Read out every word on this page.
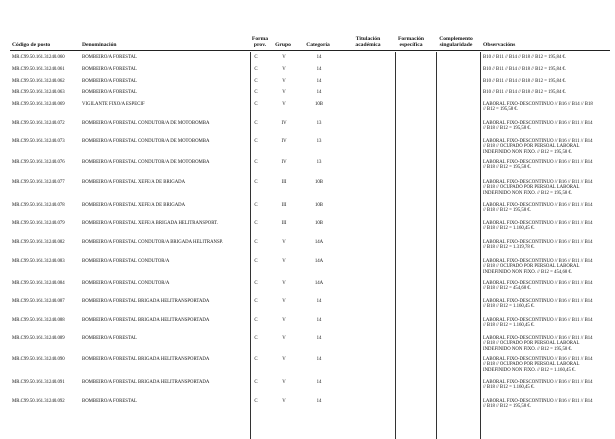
Código de posto	Denominación
Forma
prov.	Grupo	Categoría
Titulación
académica
Formación
específica
Complemento
singularidade	Observacións
MR.C99.50.161.31240.060	BOMBEIRO/A FORESTAL	C	V	14	B10 // B11 // B14 // B18 // B12 = 195,84 €.
MR.C99.50.161.31240.061	BOMBEIRO/A FORESTAL	C	V	14	B10 // B11 // B14 // B18 // B12 = 195,84 €.
MR.C99.50.161.31240.062	BOMBEIRO/A FORESTAL	C	V	14	B10 // B11 // B14 // B18 // B12 = 195,84 €.
MR.C99.50.161.31240.063	BOMBEIRO/A FORESTAL	C	V	14	B10 // B11 // B14 // B18 // B12 = 195,84 €.
MR.C99.50.161.31240.069	VIGILANTE FIXO/A ESPECIF	C	V	10B	LABORAL FIXO-DESCONTINUO // B16 // B14 // B18
// B12 = 195,58 €.
MR.C99.50.161.31240.072	BOMBEIRO/A FORESTAL CONDUTOR/A DE MOTOBOMBA	C	IV	13	LABORAL FIXO-DESCONTINUO // B16 // B11 // B14
// B18 // B12 = 195,58 €.
MR.C99.50.161.31240.073	BOMBEIRO/A FORESTAL CONDUTOR/A DE MOTOBOMBA	C	IV	13	LABORAL FIXO-DESCONTINUO // B16 // B11 // B14
// B18 // OCUPADO POR PERSOAL LABORAL
INDEFINIDO NON FIXO. // B12 = 195,58 €.
MR.C99.50.161.31240.076	BOMBEIRO/A FORESTAL CONDUTOR/A DE MOTOBOMBA	C	IV	13	LABORAL FIXO-DESCONTINUO // B16 // B11 // B14
// B18 // B12 = 195,58 €.
MR.C99.50.161.31240.077	BOMBEIRO/A FORESTAL XEFE/A DE BRIGADA	C	III	10B	LABORAL FIXO-DESCONTINUO // B16 // B11 // B14
// B18 // OCUPADO POR PERSOAL LABORAL
INDEFINIDO NON FIXO. // B12 = 195,58 €.
MR.C99.50.161.31240.078	BOMBEIRO/A FORESTAL XEFE/A DE BRIGADA	C	III	10B	LABORAL FIXO-DESCONTINUO // B16 // B11 // B14
// B18 // B12 = 195,58 €.
MR.C99.50.161.31240.079	BOMBEIRO/A FORESTAL XEFE/A BRIGADA HELITRANSPORT.	C	III	10B	LABORAL FIXO-DESCONTINUO // B16 // B11 // B14
// B18 // B12 = 1.160,45 €.
MR.C99.50.161.31240.082	BOMBEIRO/A FORESTAL CONDUTOR/A BRIGADA HELITRANSP.	C	V	14A	LABORAL FIXO-DESCONTINUO // B16 // B11 // B14
// B18 // B12 = 1.319,78 €.
MR.C99.50.161.31240.083	BOMBEIRO/A FORESTAL CONDUTOR/A	C	V	14A	LABORAL FIXO-DESCONTINUO // B16 // B11 // B14
// B18 // OCUPADO POR PERSOAL LABORAL
INDEFINIDO NON FIXO. // B12 = 454,68 €.
MR.C99.50.161.31240.084	BOMBEIRO/A FORESTAL CONDUTOR/A	C	V	14A	LABORAL FIXO-DESCONTINUO // B16 // B11 // B14
// B18 // B12 = 454,68 €.
MR.C99.50.161.31240.087	BOMBEIRO/A FORESTAL BRIGADA HELITRANSPORTADA	C	V	14	LABORAL FIXO-DESCONTINUO // B16 // B11 // B14
// B18 // B12 = 1.160,45 €.
MR.C99.50.161.31240.088	BOMBEIRO/A FORESTAL BRIGADA HELITRANSPORTADA	C	V	14	LABORAL FIXO-DESCONTINUO // B16 // B11 // B14
// B18 // B12 = 1.160,45 €.
MR.C99.50.161.31240.089	BOMBEIRO/A FORESTAL	C	V	14	LABORAL FIXO-DESCONTINUO // B16 // B11 // B14
// B18 // OCUPADO POR PERSOAL LABORAL
INDEFINIDO NON FIXO. // B12 = 195,58 €.
MR.C99.50.161.31240.090	BOMBEIRO/A FORESTAL BRIGADA HELITRANSPORTADA	C	V	14	LABORAL FIXO-DESCONTINUO // B16 // B11 // B14
// B18 // OCUPADO POR PERSOAL LABORAL
INDEFINIDO NON FIXO. // B12 = 1.160,45 €.
MR.C99.50.161.31240.091	BOMBEIRO/A FORESTAL BRIGADA HELITRANSPORTADA	C	V	14	LABORAL FIXO-DESCONTINUO // B16 // B11 // B14
// B18 // B12 = 1.160,45 €.
MR.C99.50.161.31240.092	BOMBEIRO/A FORESTAL	C	V	14	LABORAL FIXO-DESCONTINUO // B16 // B11 // B14
// B18 // B12 = 195,58 €.
